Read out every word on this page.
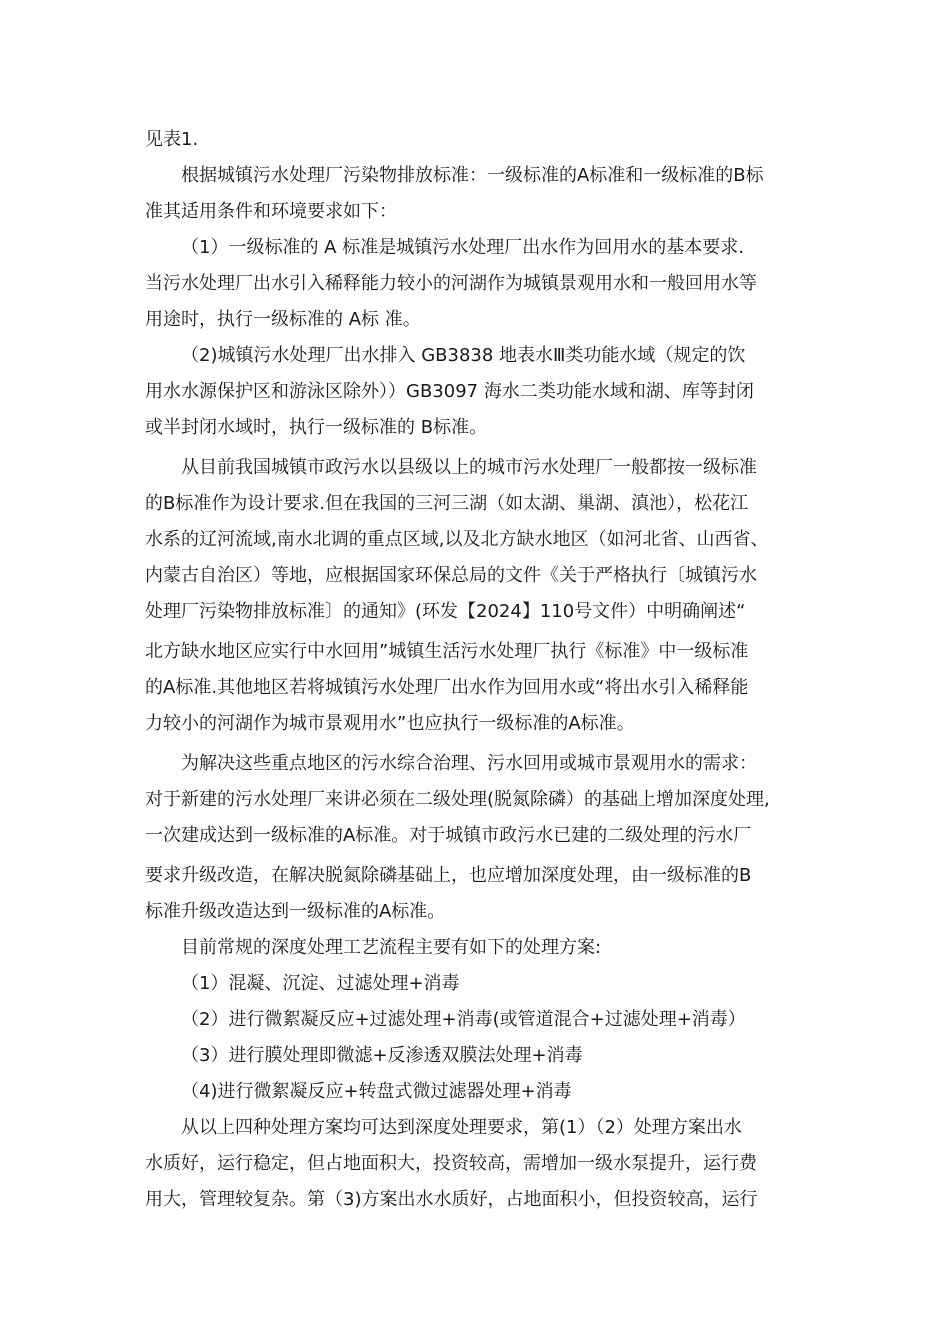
见表1.
根据城镇污水处理厂污染物排放标准：一级标准的A标准和一级标准的B标
准其适用条件和环境要求如下：
（1）一级标准的 A 标准是城镇污水处理厂出水作为回用水的基本要求.
当污水处理厂出水引入稀释能力较小的河湖作为城镇景观用水和一般回用水等
用途时，执行一级标准的 A标 准。
（2)城镇污水处理厂出水排入 GB3838 地表水Ⅲ类功能水域（规定的饮
用水水源保护区和游泳区除外））GB3097 海水二类功能水域和湖、库等封闭
或半封闭水域时，执行一级标准的 B标准。
从目前我国城镇市政污水以县级以上的城市污水处理厂一般都按一级标准
的B标准作为设计要求.但在我国的三河三湖（如太湖、巢湖、滇池），松花江
水系的辽河流域,南水北调的重点区域,以及北方缺水地区（如河北省、山西省、
内蒙古自治区）等地，应根据国家环保总局的文件《关于严格执行〔城镇污水
处理厂污染物排放标准〕的通知》(环发【2024】110号文件）中明确阐述“
北方缺水地区应实行中水回用”城镇生活污水处理厂执行《标准》中一级标准
的A标准.其他地区若将城镇污水处理厂出水作为回用水或“将出水引入稀释能
力较小的河湖作为城市景观用水”也应执行一级标准的A标准。
为解决这些重点地区的污水综合治理、污水回用或城市景观用水的需求：
对于新建的污水处理厂来讲必须在二级处理(脱氮除磷）的基础上增加深度处理,
一次建成达到一级标准的A标准。对于城镇市政污水已建的二级处理的污水厂
要求升级改造，在解决脱氮除磷基础上，也应增加深度处理，由一级标准的B
标准升级改造达到一级标准的A标准。
目前常规的深度处理工艺流程主要有如下的处理方案:
（1）混凝、沉淀、过滤处理+消毒
（2）进行微絮凝反应+过滤处理+消毒(或管道混合+过滤处理+消毒）
（3）进行膜处理即微滤+反渗透双膜法处理+消毒
（4)进行微絮凝反应+转盘式微过滤器处理+消毒
从以上四种处理方案均可达到深度处理要求，第(1）（2）处理方案出水
水质好，运行稳定，但占地面积大，投资较高，需增加一级水泵提升，运行费
用大，管理较复杂。第（3)方案出水水质好，占地面积小，但投资较高，运行
